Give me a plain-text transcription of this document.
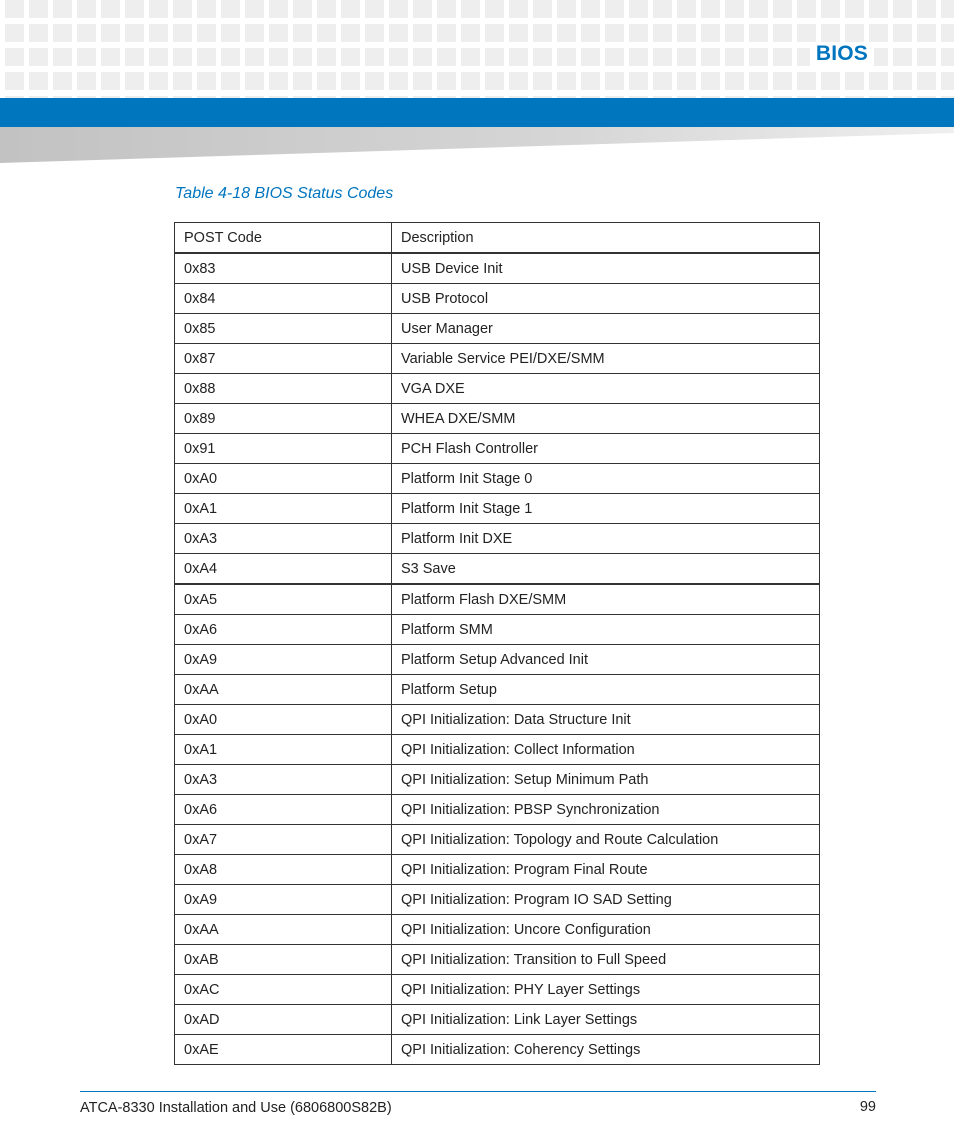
BIOS
Table 4-18 BIOS Status Codes
POST Code	Description
0x83	USB Device Init
0x84	USB Protocol
0x85	User Manager
0x87	Variable Service PEI/DXE/SMM
0x88	VGA DXE
0x89	WHEA DXE/SMM
0x91	PCH Flash Controller
0xA0	Platform Init Stage 0
0xA1	Platform Init Stage 1
0xA3	Platform Init DXE
0xA4	S3 Save
0xA5	Platform Flash DXE/SMM
0xA6	Platform SMM
0xA9	Platform Setup Advanced Init
0xAA	Platform Setup
0xA0	QPI Initialization: Data Structure Init
0xA1	QPI Initialization: Collect Information
0xA3	QPI Initialization: Setup Minimum Path
0xA6	QPI Initialization: PBSP Synchronization
0xA7	QPI Initialization: Topology and Route Calculation
0xA8	QPI Initialization: Program Final Route
0xA9	QPI Initialization: Program IO SAD Setting
0xAA	QPI Initialization: Uncore Configuration
0xAB	QPI Initialization: Transition to Full Speed
0xAC	QPI Initialization: PHY Layer Settings
0xAD	QPI Initialization: Link Layer Settings
0xAE	QPI Initialization: Coherency Settings
ATCA-8330 Installation and Use (6806800S82B)	99
